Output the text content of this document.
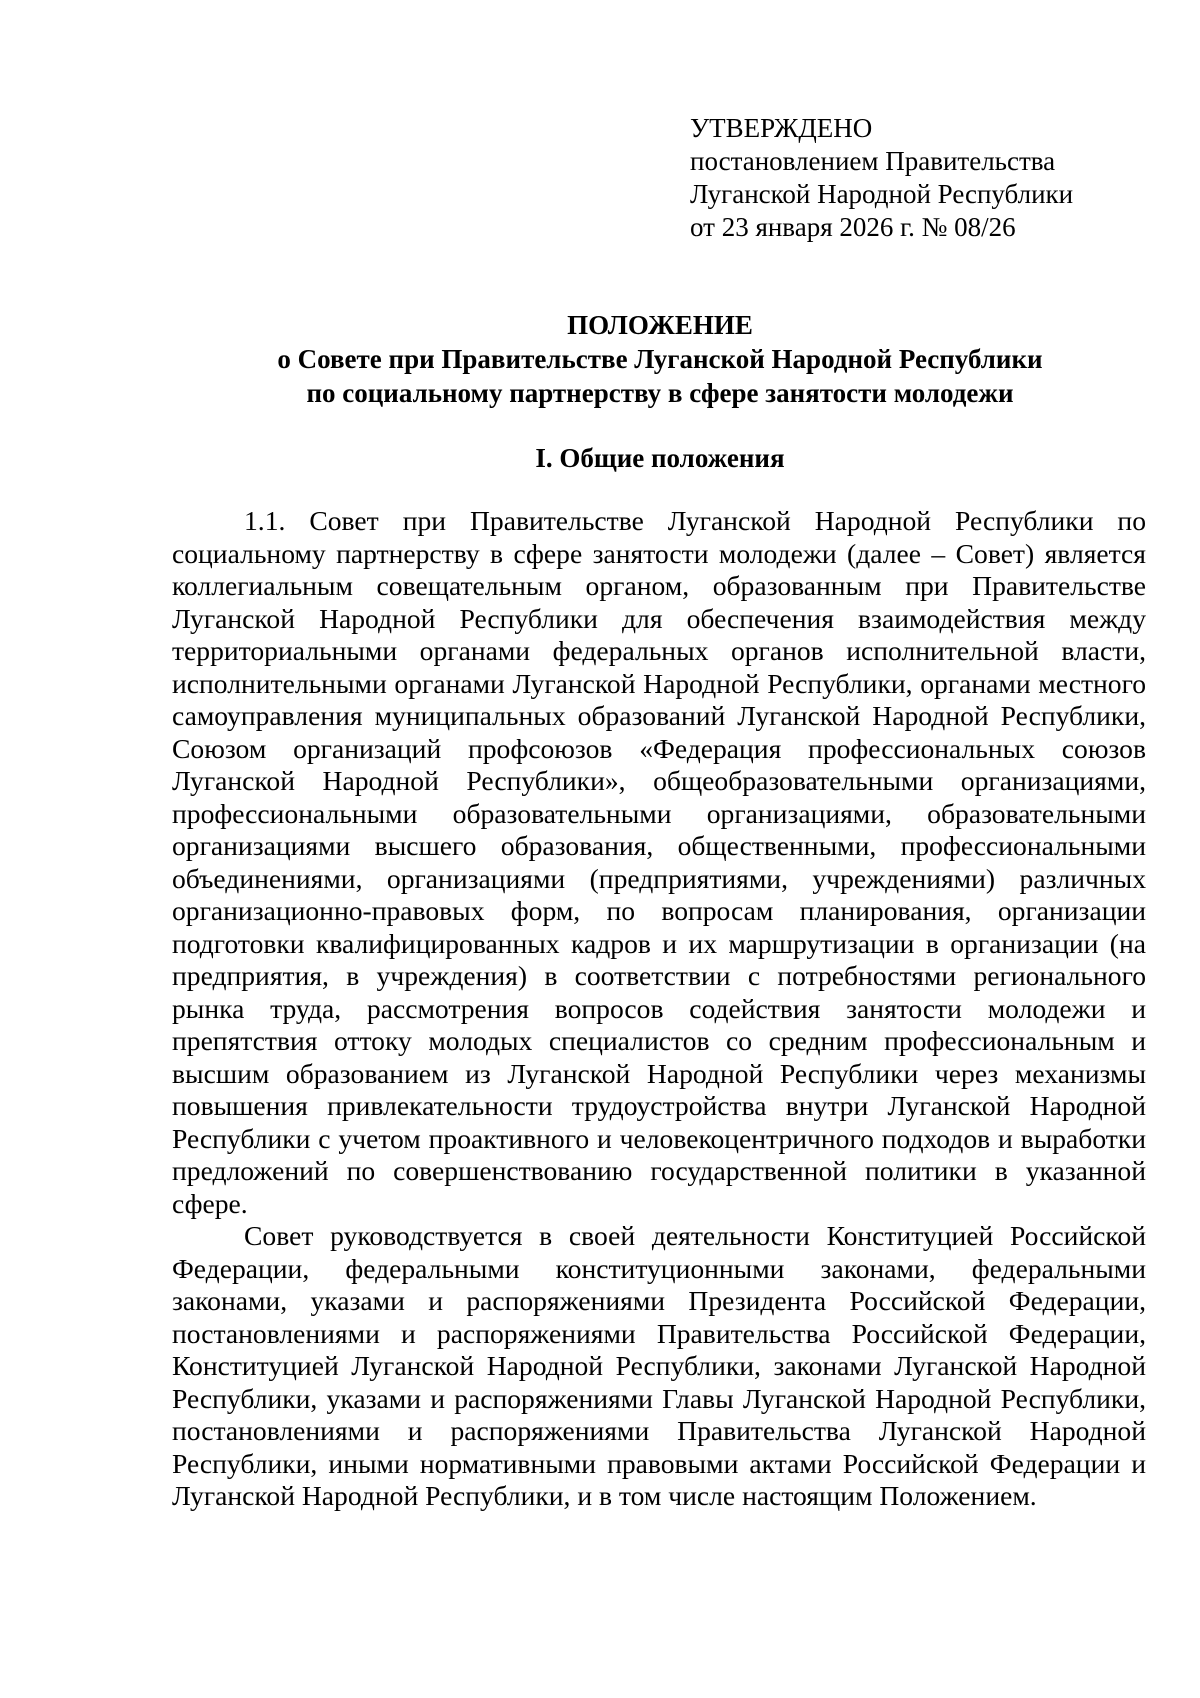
УТВЕРЖДЕНО
постановлением Правительства
Луганской Народной Республики
от 23 января 2026 г. № 08/26
ПОЛОЖЕНИЕ
о Совете при Правительстве Луганской Народной Республики
по социальному партнерству в сфере занятости молодежи
I. Общие положения

1.1. Совет при Правительстве Луганской Народной Республики по социальному партнерству в сфере занятости молодежи (далее – Совет) является коллегиальным совещательным органом, образованным при Правительстве Луганской Народной Республики для обеспечения взаимодействия между территориальными органами федеральных органов исполнительной власти, исполнительными органами Луганской Народной Республики, органами местного самоуправления муниципальных образований Луганской Народной Республики, Союзом организаций профсоюзов «Федерация профессиональных союзов Луганской Народной Республики», общеобразовательными организациями, профессиональными образовательными организациями, образовательными организациями высшего образования, общественными, профессиональными объединениями, организациями (предприятиями, учреждениями) различных организационно-правовых форм, по вопросам планирования, организации подготовки квалифицированных кадров и их маршрутизации в организации (на предприятия, в учреждения) в соответствии с потребностями регионального рынка труда, рассмотрения вопросов содействия занятости молодежи и препятствия оттоку молодых специалистов со средним профессиональным и высшим образованием из Луганской Народной Республики через механизмы повышения привлекательности трудоустройства внутри Луганской Народной Республики с учетом проактивного и человекоцентричного подходов и выработки предложений по совершенствованию государственной политики в указанной сфере.

Совет руководствуется в своей деятельности Конституцией Российской Федерации, федеральными конституционными законами, федеральными законами, указами и распоряжениями Президента Российской Федерации, постановлениями и распоряжениями Правительства Российской Федерации, Конституцией Луганской Народной Республики, законами Луганской Народной Республики, указами и распоряжениями Главы Луганской Народной Республики, постановлениями и распоряжениями Правительства Луганской Народной Республики, иными нормативными правовыми актами Российской Федерации и Луганской Народной Республики, и в том числе настоящим Положением.
